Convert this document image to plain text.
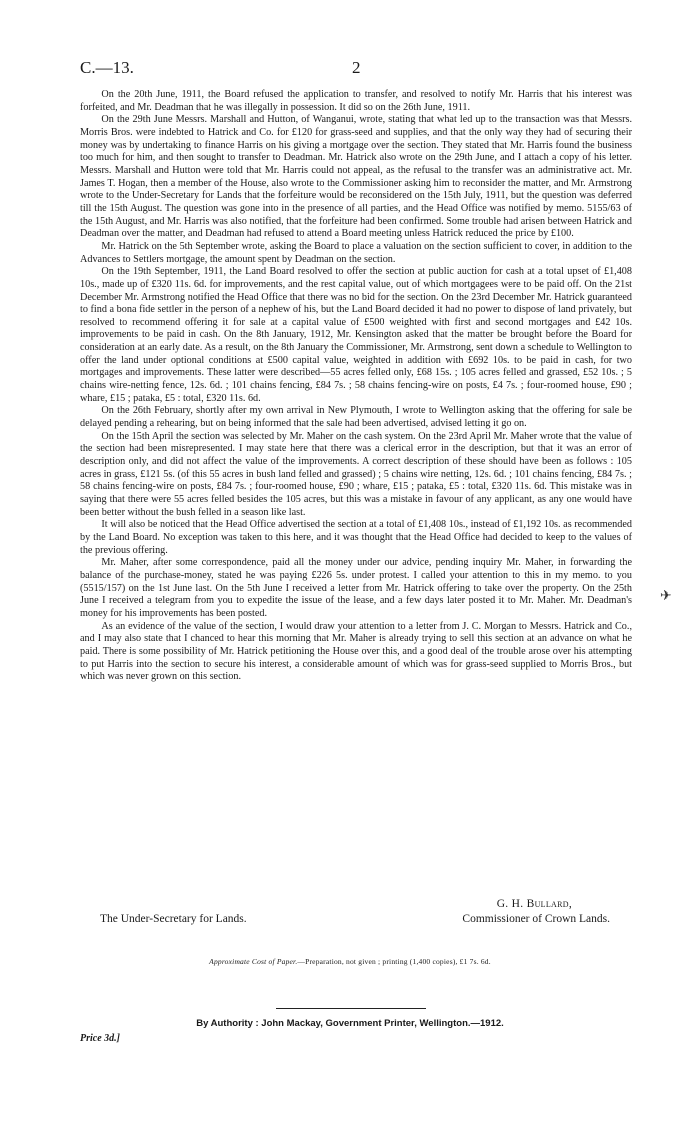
C.—13.	2

On the 20th June, 1911, the Board refused the application to transfer, and resolved to notify Mr. Harris that his interest was forfeited, and Mr. Deadman that he was illegally in possession. It did so on the 26th June, 1911.

On the 29th June Messrs. Marshall and Hutton, of Wanganui, wrote, stating that what led up to the transaction was that Messrs. Morris Bros. were indebted to Hatrick and Co. for £120 for grass-seed and supplies, and that the only way they had of securing their money was by undertaking to finance Harris on his giving a mortgage over the section. They stated that Mr. Harris found the business too much for him, and then sought to transfer to Deadman. Mr. Hatrick also wrote on the 29th June, and I attach a copy of his letter. Messrs. Marshall and Hutton were told that Mr. Harris could not appeal, as the refusal to the transfer was an administrative act. Mr. James T. Hogan, then a member of the House, also wrote to the Commissioner asking him to reconsider the matter, and Mr. Armstrong wrote to the Under-Secretary for Lands that the forfeiture would be reconsidered on the 15th July, 1911, but the question was deferred till the 15th August. The question was gone into in the presence of all parties, and the Head Office was notified by memo. 5155/63 of the 15th August, and Mr. Harris was also notified, that the forfeiture had been confirmed. Some trouble had arisen between Hatrick and Deadman over the matter, and Deadman had refused to attend a Board meeting unless Hatrick reduced the price by £100.

Mr. Hatrick on the 5th September wrote, asking the Board to place a valuation on the section sufficient to cover, in addition to the Advances to Settlers mortgage, the amount spent by Deadman on the section.

On the 19th September, 1911, the Land Board resolved to offer the section at public auction for cash at a total upset of £1,408 10s., made up of £320 11s. 6d. for improvements, and the rest capital value, out of which mortgagees were to be paid off. On the 21st December Mr. Armstrong notified the Head Office that there was no bid for the section. On the 23rd December Mr. Hatrick guaranteed to find a bona fide settler in the person of a nephew of his, but the Land Board decided it had no power to dispose of land privately, but resolved to recommend offering it for sale at a capital value of £500 weighted with first and second mortgages and £42 10s. improvements to be paid in cash. On the 8th January, 1912, Mr. Kensington asked that the matter be brought before the Board for consideration at an early date. As a result, on the 8th January the Commissioner, Mr. Armstrong, sent down a schedule to Wellington to offer the land under optional conditions at £500 capital value, weighted in addition with £692 10s. to be paid in cash, for two mortgages and improvements. These latter were described—55 acres felled only, £68 15s. ; 105 acres felled and grassed, £52 10s. ; 5 chains wire-netting fence, 12s. 6d. ; 101 chains fencing, £84 7s. ; 58 chains fencing-wire on posts, £4 7s. ; four-roomed house, £90 ; whare, £15 ; pataka, £5 : total, £320 11s. 6d.

On the 26th February, shortly after my own arrival in New Plymouth, I wrote to Wellington asking that the offering for sale be delayed pending a rehearing, but on being informed that the sale had been advertised, advised letting it go on.

On the 15th April the section was selected by Mr. Maher on the cash system. On the 23rd April Mr. Maher wrote that the value of the section had been misrepresented. I may state here that there was a clerical error in the description, but that it was an error of description only, and did not affect the value of the improvements. A correct description of these should have been as follows : 105 acres in grass, £121 5s. (of this 55 acres in bush land felled and grassed) ; 5 chains wire netting, 12s. 6d. ; 101 chains fencing, £84 7s. ; 58 chains fencing-wire on posts, £84 7s. ; four-roomed house, £90 ; whare, £15 ; pataka, £5 : total, £320 11s. 6d. This mistake was in saying that there were 55 acres felled besides the 105 acres, but this was a mistake in favour of any applicant, as any one would have been better without the bush felled in a season like last.

It will also be noticed that the Head Office advertised the section at a total of £1,408 10s., instead of £1,192 10s. as recommended by the Land Board. No exception was taken to this here, and it was thought that the Head Office had decided to keep to the values of the previous offering.

Mr. Maher, after some correspondence, paid all the money under our advice, pending inquiry Mr. Maher, in forwarding the balance of the purchase-money, stated he was paying £226 5s. under protest. I called your attention to this in my memo. to you (5515/157) on the 1st June last. On the 5th June I received a letter from Mr. Hatrick offering to take over the property. On the 25th June I received a telegram from you to expedite the issue of the lease, and a few days later posted it to Mr. Maher. Mr. Deadman's money for his improvements has been posted.

As an evidence of the value of the section, I would draw your attention to a letter from J. C. Morgan to Messrs. Hatrick and Co., and I may also state that I chanced to hear this morning that Mr. Maher is already trying to sell this section at an advance on what he paid. There is some possibility of Mr. Hatrick petitioning the House over this, and a good deal of the trouble arose over his attempting to put Harris into the section to secure his interest, a considerable amount of which was for grass-seed supplied to Morris Bros., but which was never grown on this section.

✈
G. H. Bullard,
The Under-Secretary for Lands.	Commissioner of Crown Lands.
Approximate Cost of Paper.—Preparation, not given ; printing (1,400 copies), £1 7s. 6d.
By Authority : John Mackay, Government Printer, Wellington.—1912.
Price 3d.]
